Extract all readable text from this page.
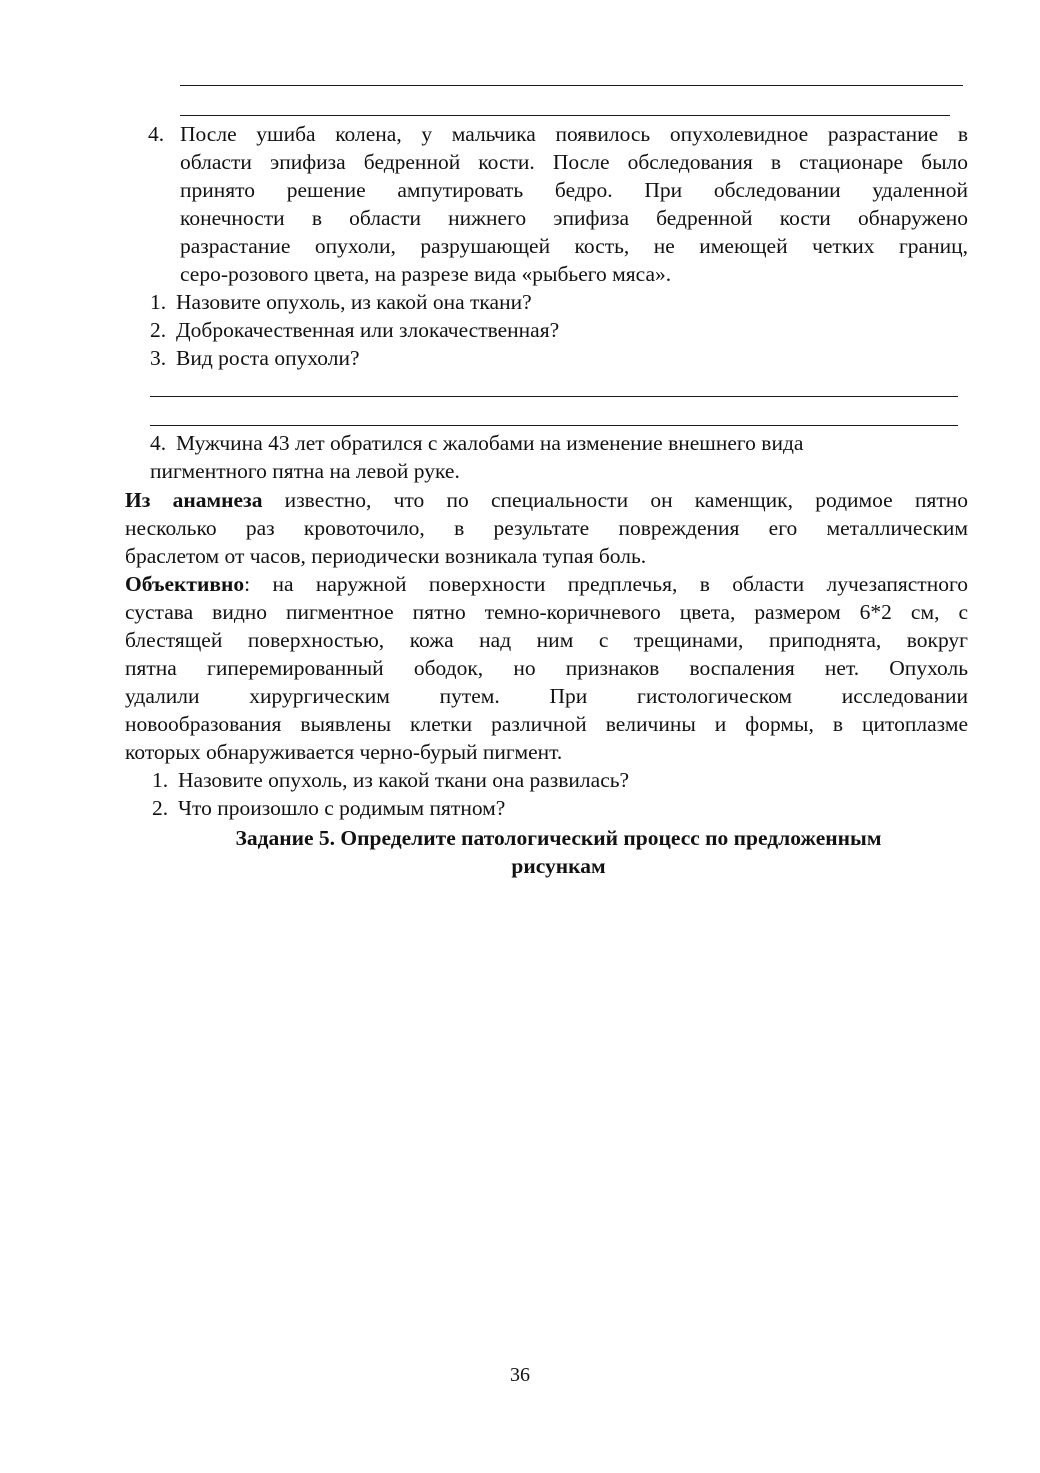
4. После ушиба колена, у мальчика появилось опухолевидное разрастание в
области эпифиза бедренной кости. После обследования в стационаре было
принято решение ампутировать бедро. При обследовании удаленной
конечности в области нижнего эпифиза бедренной кости обнаружено
разрастание опухоли, разрушающей кость, не имеющей четких границ,
серо-розового цвета, на разрезе вида «рыбьего мяса».
1. Назовите опухоль, из какой она ткани?
2. Доброкачественная или злокачественная?
3. Вид роста опухоли?
4. Мужчина 43 лет обратился с жалобами на изменение внешнего вида
пигментного пятна на левой руке.
Из анамнеза известно, что по специальности он каменщик, родимое пятно
несколько раз кровоточило, в результате повреждения его металлическим
браслетом от часов, периодически возникала тупая боль.
Объективно: на наружной поверхности предплечья, в области лучезапястного
сустава видно пигментное пятно темно-коричневого цвета, размером 6*2 см, с
блестящей поверхностью, кожа над ним с трещинами, приподнята, вокруг
пятна гиперемированный ободок, но признаков воспаления нет. Опухоль
удалили хирургическим путем. При гистологическом исследовании
новообразования выявлены клетки различной величины и формы, в цитоплазме
которых обнаруживается черно-бурый пигмент.
1. Назовите опухоль, из какой ткани она развилась?
2. Что произошло с родимым пятном?
Задание 5. Определите патологический процесс по предложенным
рисункам
36
